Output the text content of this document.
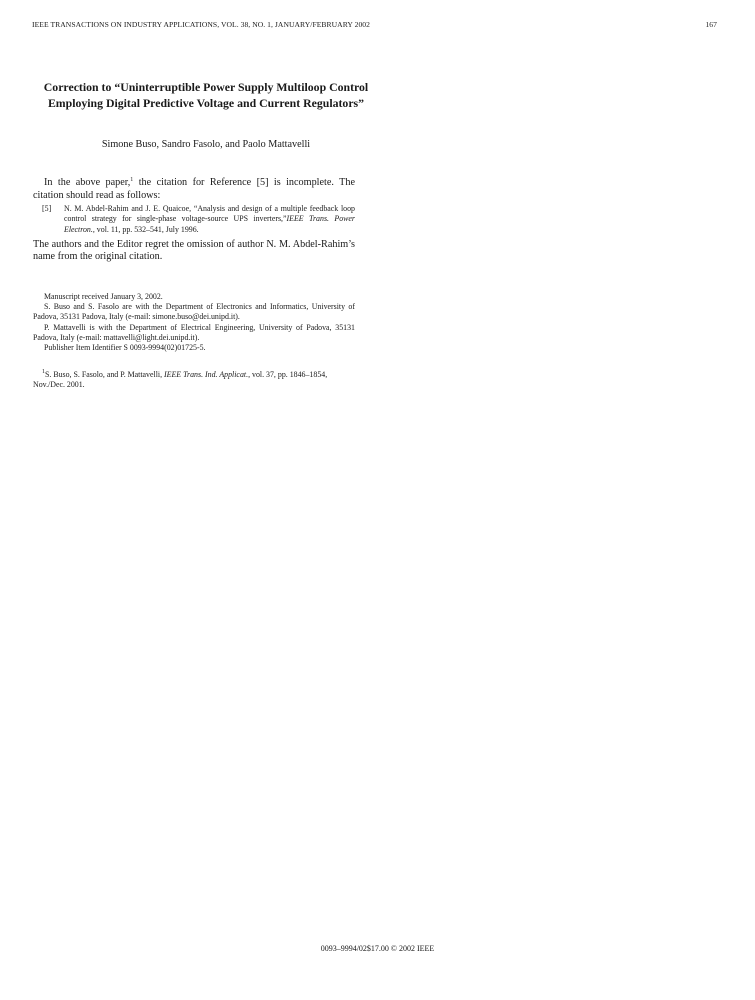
IEEE TRANSACTIONS ON INDUSTRY APPLICATIONS, VOL. 38, NO. 1, JANUARY/FEBRUARY 2002	167
Correction to “Uninterruptible Power Supply Multiloop Control Employing Digital Predictive Voltage and Current Regulators”
Simone Buso, Sandro Fasolo, and Paolo Mattavelli

In the above paper,$^1$ the citation for Reference [5] is incomplete. The citation should read as follows:

[5]	N. M. Abdel-Rahim and J. E. Quaicoe, “Analysis and design of a multiple feedback loop control strategy for single-phase voltage-source UPS inverters,”IEEE Trans. Power Electron., vol. 11, pp. 532–541, July 1996.

The authors and the Editor regret the omission of author N. M. Abdel-Rahim’s name from the original citation.

Manuscript received January 3, 2002.

S. Buso and S. Fasolo are with the Department of Electronics and Informatics, University of Padova, 35131 Padova, Italy (e-mail: simone.buso@dei.unipd.it).

P. Mattavelli is with the Department of Electrical Engineering, University of Padova, 35131 Padova, Italy (e-mail: mattavelli@light.dei.unipd.it).

Publisher Item Identifier S 0093-9994(02)01725-5.

$^1$S. Buso, S. Fasolo, and P. Mattavelli, IEEE Trans. Ind. Applicat., vol. 37, pp. 1846–1854, Nov./Dec. 2001.

0093–9994/02$17.00 © 2002 IEEE
